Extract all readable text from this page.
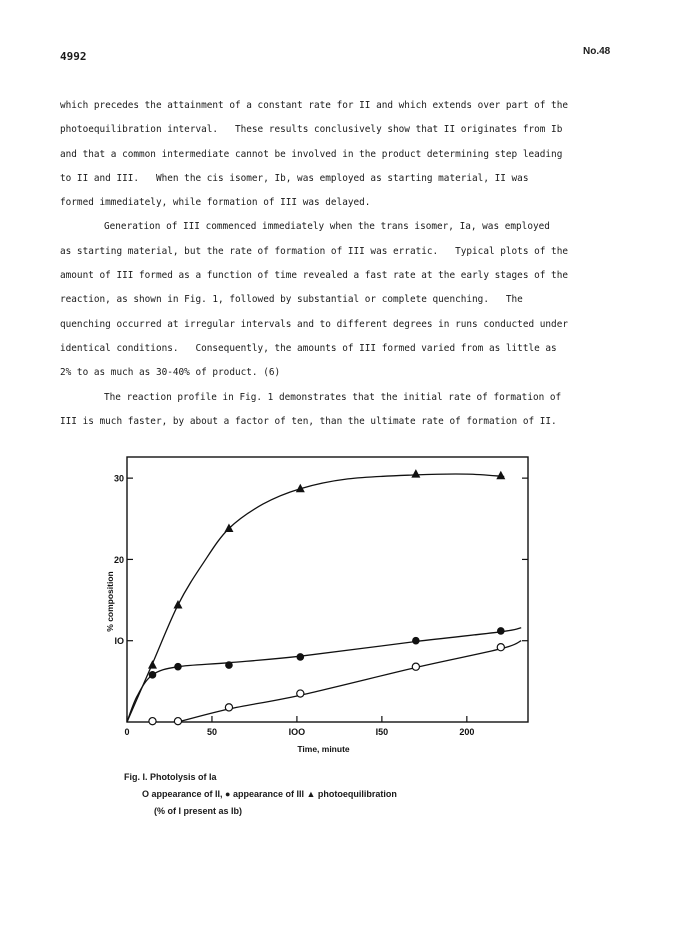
4992	No.48
which precedes the attainment of a constant rate for II and which extends over part of the
photoequilibration interval.   These results conclusively show that II originates from Ib
and that a common intermediate cannot be involved in the product determining step leading
to II and III.   When the cis isomer, Ib, was employed as starting material, II was
formed immediately, while formation of III was delayed.
Generation of III commenced immediately when the trans isomer, Ia, was employed
as starting material, but the rate of formation of III was erratic.   Typical plots of the
amount of III formed as a function of time revealed a fast rate at the early stages of the
reaction, as shown in Fig. 1, followed by substantial or complete quenching.   The
quenching occurred at irregular intervals and to different degrees in runs conducted under
identical conditions.   Consequently, the amounts of III formed varied from as little as
2% to as much as 30-40% of product. (6)
The reaction profile in Fig. 1 demonstrates that the initial rate of formation of
III is much faster, by about a factor of ten, than the ultimate rate of formation of II.
0	50	IOO	I50	200
IO
20
30
Time, minute
% composition
Fig. I. Photolysis of Ia
O appearance of II, ● appearance of III ▲ photoequilibration
(% of I present as Ib)
